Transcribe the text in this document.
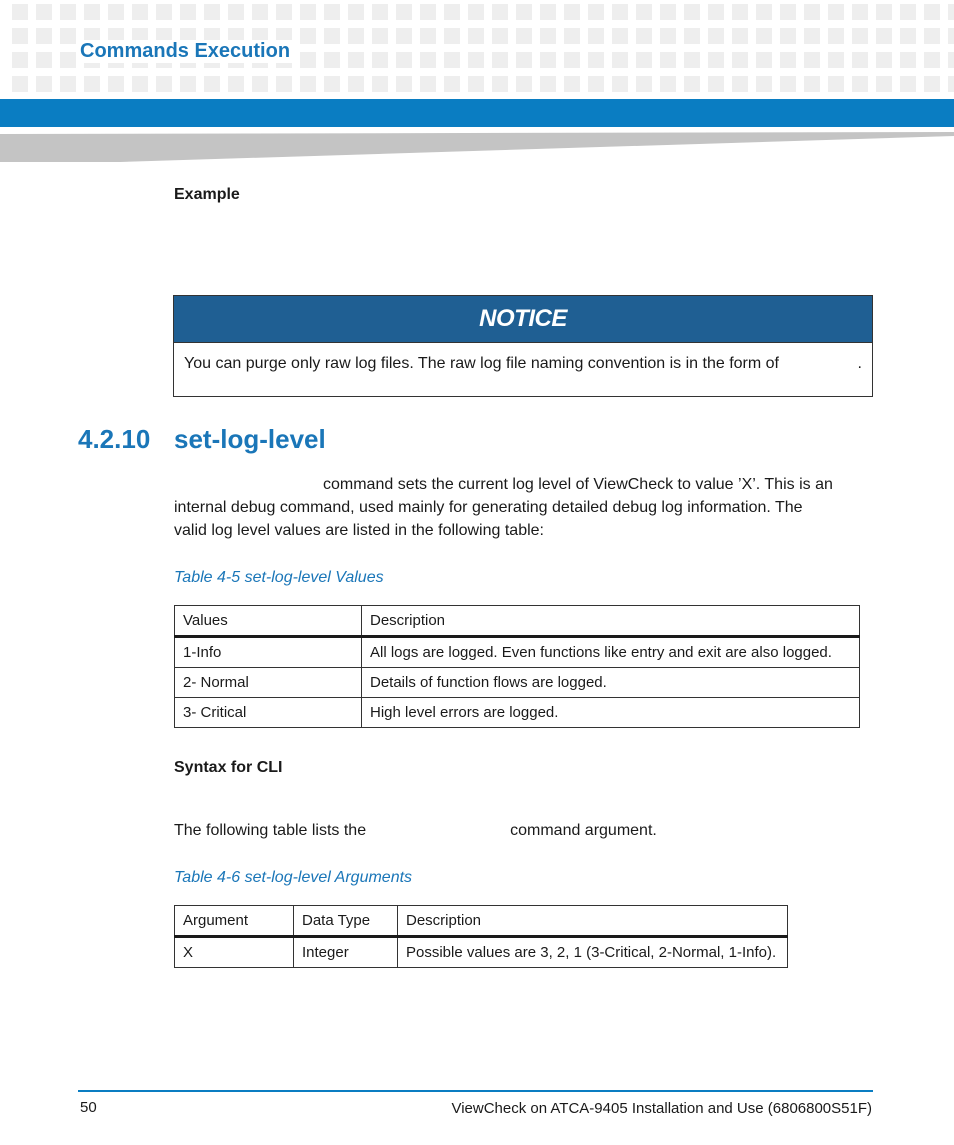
Commands Execution
Example
NOTICE
You can purge only raw log files. The raw log file naming convention is in the form of	.
4.2.10 set-log-level
command sets the current log level of ViewCheck to value ’X’. This is an
internal debug command, used mainly for generating detailed debug log information. The
valid log level values are listed in the following table:

Table 4-5 set-log-level Values

Values	Description
1-Info	All logs are logged. Even functions like entry and exit are also logged.
2- Normal	Details of function flows are logged.
3- Critical	High level errors are logged.
Syntax for CLI

The following table lists the	command argument.

Table 4-6 set-log-level Arguments

Argument	Data Type	Description
X	Integer	Possible values are 3, 2, 1 (3-Critical, 2-Normal, 1-Info).
50	ViewCheck on ATCA-9405 Installation and Use (6806800S51F)
